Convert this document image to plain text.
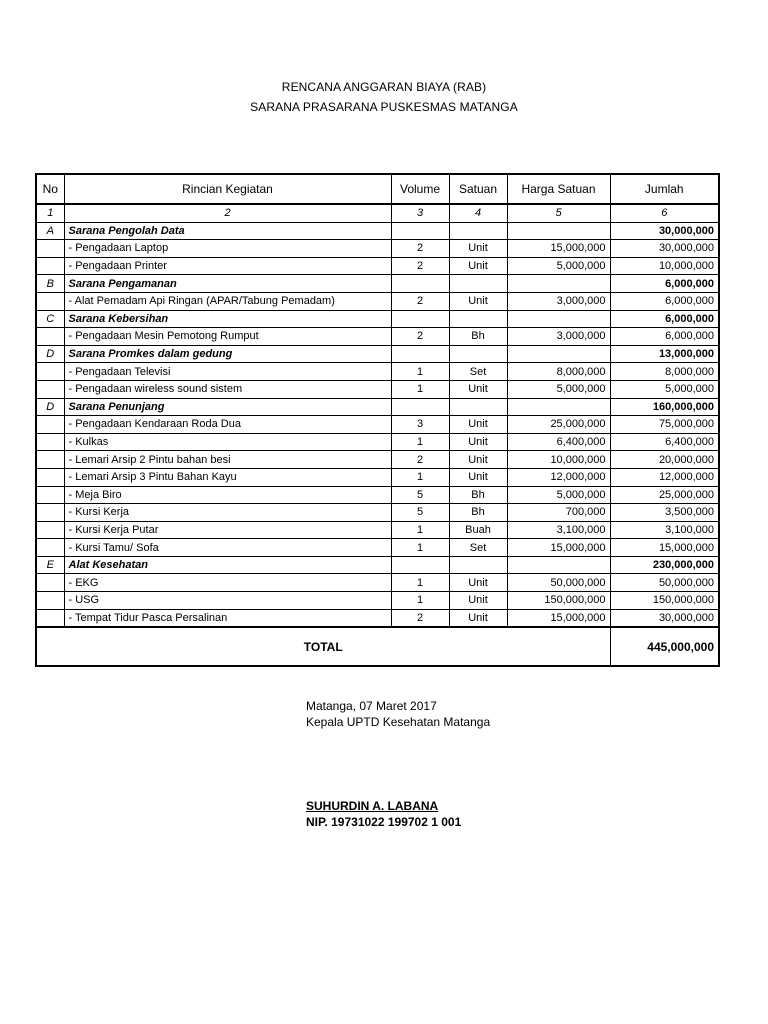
RENCANA ANGGARAN BIAYA (RAB)
SARANA PRASARANA PUSKESMAS MATANGA
No	Rincian Kegiatan	Volume	Satuan	Harga Satuan	Jumlah
1	2	3	4	5	6
A	Sarana Pengolah Data				30,000,000
	- Pengadaan Laptop	2	Unit	15,000,000	30,000,000
	- Pengadaan Printer	2	Unit	5,000,000	10,000,000
B	Sarana Pengamanan				6,000,000
	- Alat Pemadam Api Ringan (APAR/Tabung Pemadam)	2	Unit	3,000,000	6,000,000
C	Sarana Kebersihan				6,000,000
	- Pengadaan Mesin Pemotong Rumput	2	Bh	3,000,000	6,000,000
D	Sarana Promkes dalam gedung				13,000,000
	- Pengadaan Televisi	1	Set	8,000,000	8,000,000
	- Pengadaan wireless sound sistem	1	Unit	5,000,000	5,000,000
D	Sarana Penunjang				160,000,000
	- Pengadaan Kendaraan Roda Dua	3	Unit	25,000,000	75,000,000
	- Kulkas	1	Unit	6,400,000	6,400,000
	- Lemari Arsip 2 Pintu bahan besi	2	Unit	10,000,000	20,000,000
	- Lemari Arsip 3 Pintu Bahan Kayu	1	Unit	12,000,000	12,000,000
	- Meja Biro	5	Bh	5,000,000	25,000,000
	- Kursi Kerja	5	Bh	700,000	3,500,000
	- Kursi Kerja Putar	1	Buah	3,100,000	3,100,000
	- Kursi Tamu/ Sofa	1	Set	15,000,000	15,000,000
E	Alat Kesehatan				230,000,000
	- EKG	1	Unit	50,000,000	50,000,000
	- USG	1	Unit	150,000,000	150,000,000
	- Tempat Tidur Pasca Persalinan	2	Unit	15,000,000	30,000,000
TOTAL					445,000,000
Matanga, 07 Maret 2017
Kepala UPTD Kesehatan Matanga
SUHURDIN A. LABANA
NIP. 19731022 199702 1 001
